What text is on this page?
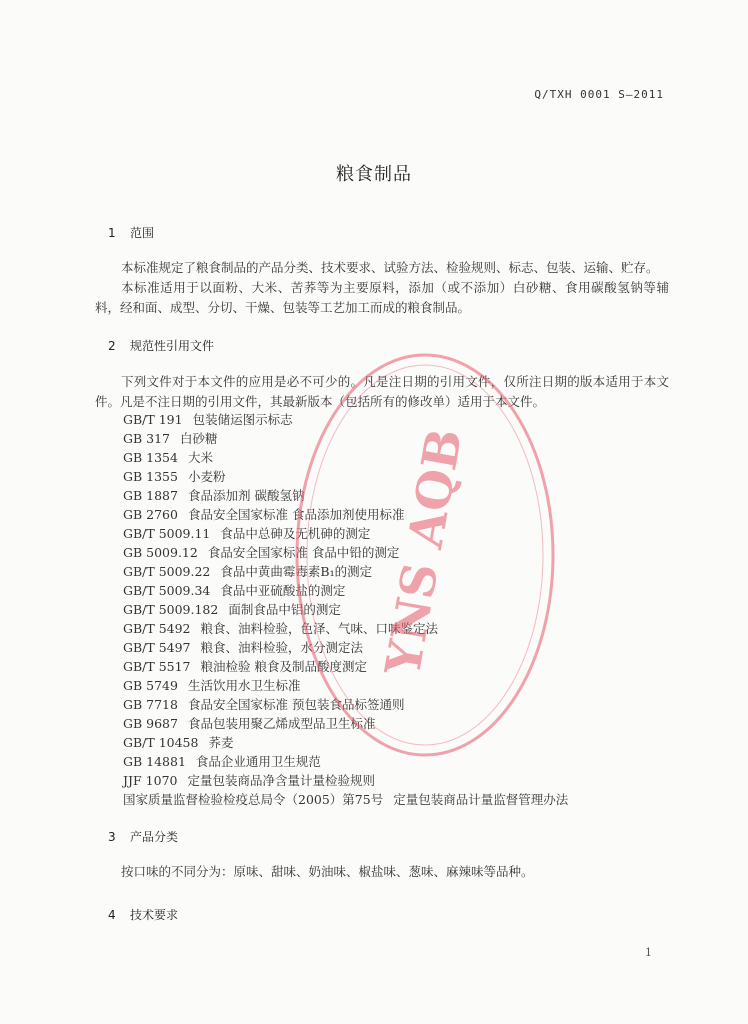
Q/TXH 0001 S—2011
粮食制品
1 范围

本标准规定了粮食制品的产品分类、技术要求、试验方法、检验规则、标志、包装、运输、贮存。

本标准适用于以面粉、大米、苦荞等为主要原料，添加（或不添加）白砂糖、食用碳酸氢钠等辅料，经和面、成型、分切、干燥、包装等工艺加工而成的粮食制品。

2 规范性引用文件

下列文件对于本文件的应用是必不可少的。凡是注日期的引用文件，仅所注日期的版本适用于本文件。凡是不注日期的引用文件，其最新版本（包括所有的修改单）适用于本文件。

GB/T 191 包装储运图示标志
GB 317 白砂糖
GB 1354 大米
GB 1355 小麦粉
GB 1887 食品添加剂 碳酸氢钠
GB 2760 食品安全国家标准 食品添加剂使用标准
GB/T 5009.11 食品中总砷及无机砷的测定
GB 5009.12 食品安全国家标准 食品中铅的测定
GB/T 5009.22 食品中黄曲霉毒素B₁的测定
GB/T 5009.34 食品中亚硫酸盐的测定
GB/T 5009.182 面制食品中铝的测定
GB/T 5492 粮食、油料检验，色泽、气味、口味鉴定法
GB/T 5497 粮食、油料检验，水分测定法
GB/T 5517 粮油检验 粮食及制品酸度测定
GB 5749 生活饮用水卫生标准
GB 7718 食品安全国家标准 预包装食品标签通则
GB 9687 食品包装用聚乙烯成型品卫生标准
GB/T 10458 荞麦
GB 14881 食品企业通用卫生规范
JJF 1070 定量包装商品净含量计量检验规则
国家质量监督检验检疫总局令（2005）第75号 定量包装商品计量监督管理办法
3 产品分类

按口味的不同分为：原味、甜味、奶油味、椒盐味、葱味、麻辣味等品种。

4 技术要求
1
YNS AQB
